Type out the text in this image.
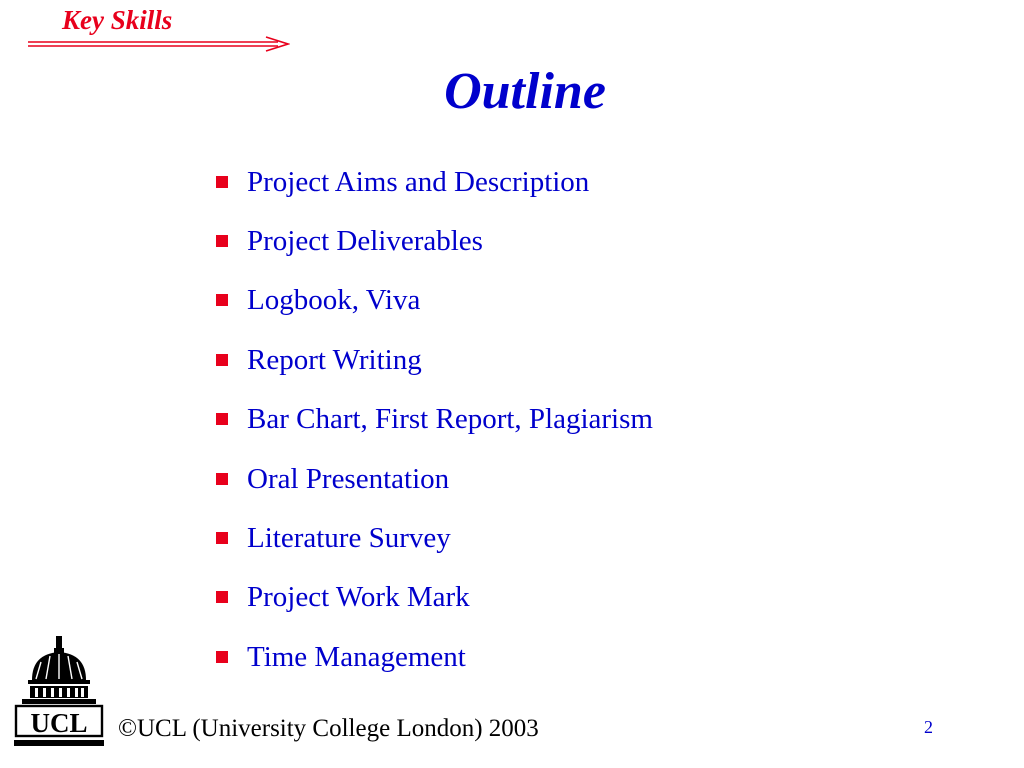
Key Skills
Outline
Project Aims and Description
Project Deliverables
Logbook, Viva
Report Writing
Bar Chart, First Report, Plagiarism
Oral Presentation
Literature Survey
Project Work Mark
Time Management
UCL ©UCL (University College London) 2003	2
